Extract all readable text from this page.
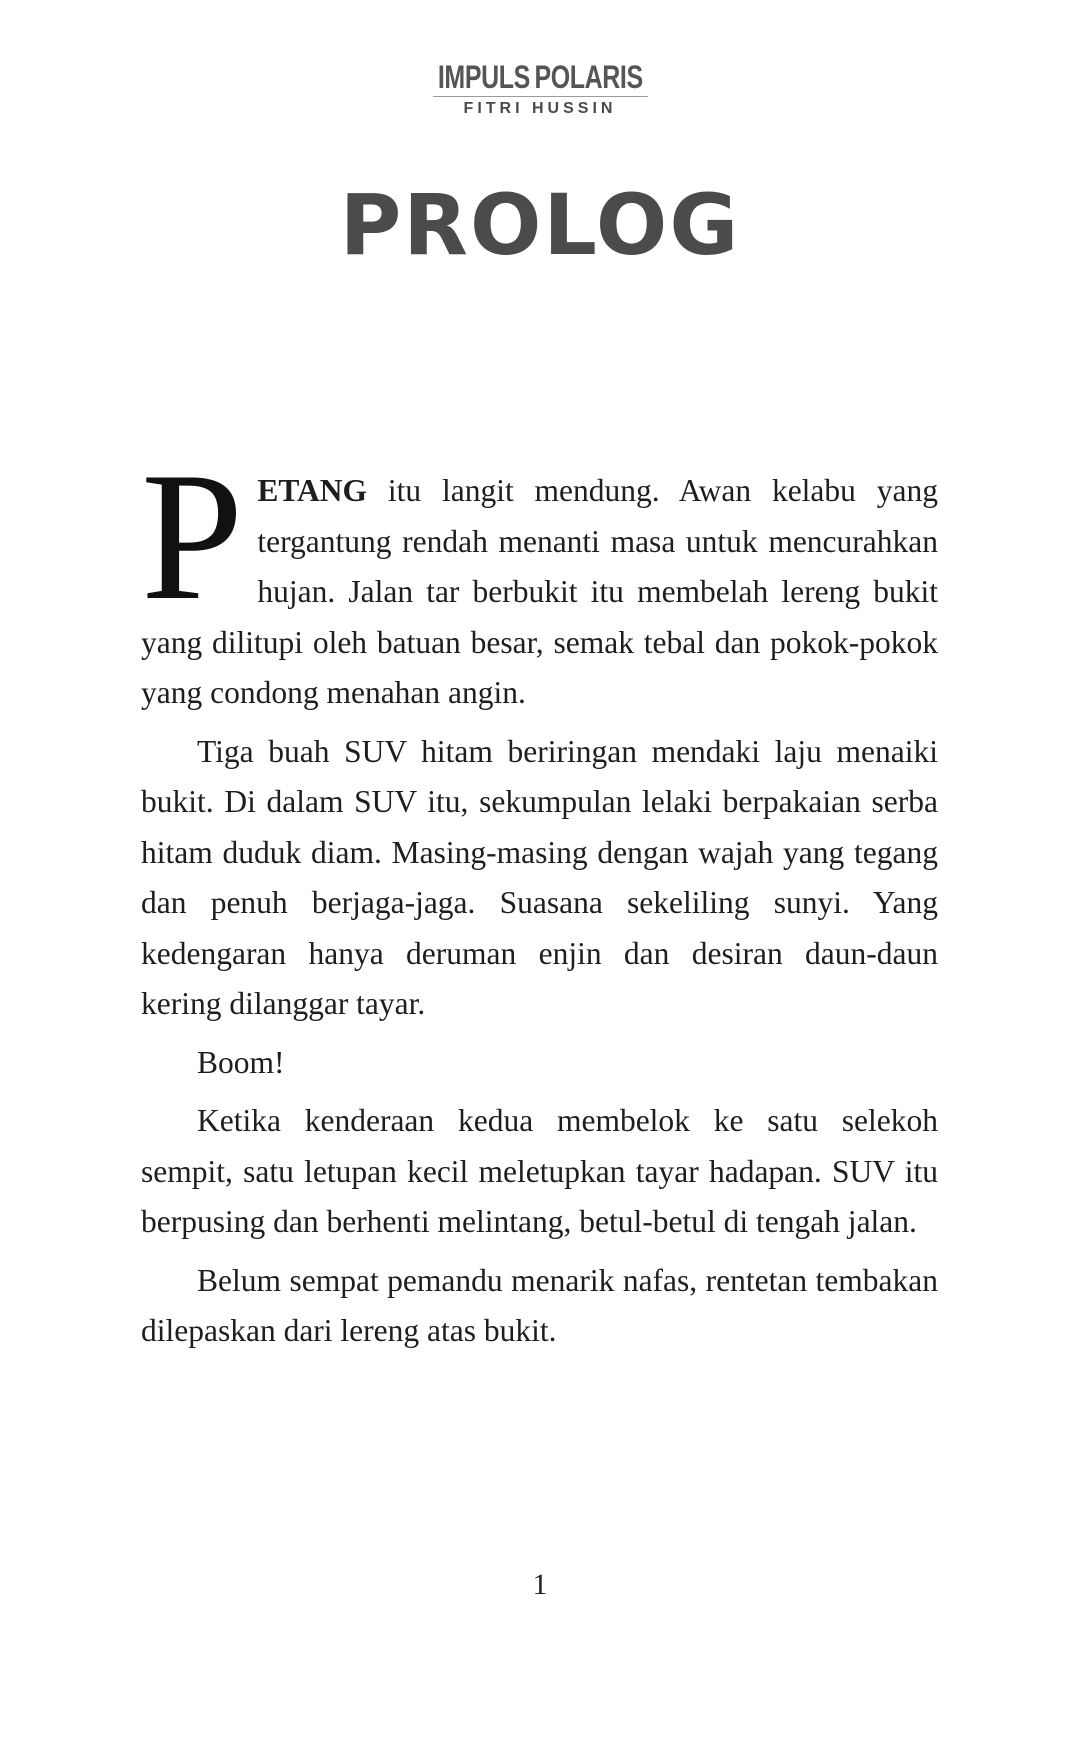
IMPULS POLARIS
FITRI HUSSIN
PROLOG

PETANG itu langit mendung. Awan kelabu yang tergantung rendah menanti masa untuk mencurahkan hujan. Jalan tar berbukit itu membelah lereng bukit yang dilitupi oleh batuan besar, semak tebal dan pokok-pokok yang condong menahan angin.

Tiga buah SUV hitam beriringan mendaki laju menaiki bukit. Di dalam SUV itu, sekumpulan lelaki berpakaian serba hitam duduk diam. Masing-masing dengan wajah yang tegang dan penuh berjaga-jaga. Suasana sekeliling sunyi. Yang kedengaran hanya deruman enjin dan desiran daun-daun kering dilanggar tayar.

Boom!

Ketika kenderaan kedua membelok ke satu selekoh sempit, satu letupan kecil meletupkan tayar hadapan. SUV itu berpusing dan berhenti melintang, betul-betul di tengah jalan.

Belum sempat pemandu menarik nafas, rentetan tembakan dilepaskan dari lereng atas bukit.

1
